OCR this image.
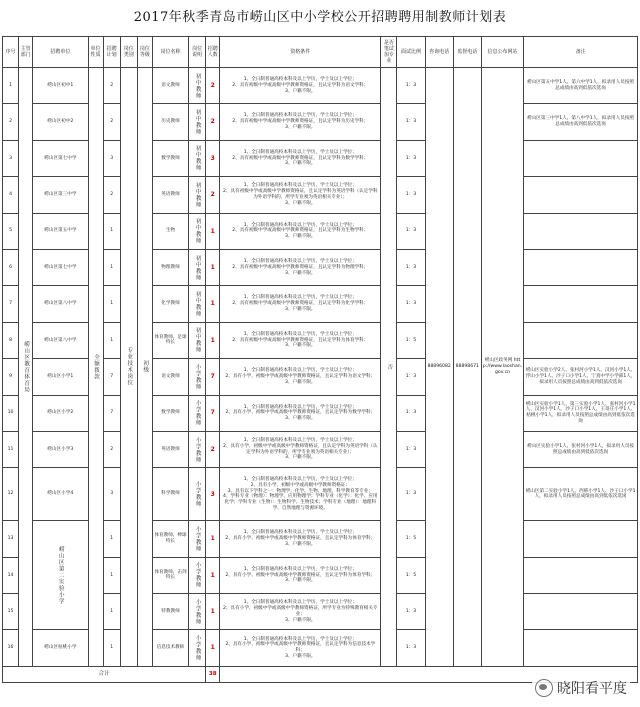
2017年秋季青岛市崂山区中小学校公开招聘聘用制教师计划表
序号	主管部门	招聘单位	单位性质	招聘计划	岗位类别	岗位等级	岗位名称	岗位说明	招聘人数	资格条件	是否笔试加专业	面试比例	咨询电话	监督电话	信息公布网站	备注
1	崂山区教育体育局	崂山区初中1	全额拨款	2	专业技术岗位	初级	语文教师	初中教师	2	1、全日制普通高校本科及以上学历，学士及以上学位；
2、具有初级中学或高级中学教师资格证，且认定学科为语文学科；
3、户籍不限。	否	1：3	88896082	88898671	崂山区政务网 http://www.laoshan.gov.cn	崂山区第五中学1人、第六中学1人，拟录用人员按照总成绩由高到低依次选岗
2		崂山区初中2		2			历史教师	初中教师	2	1、全日制普通高校本科及以上学历，学士及以上学位；
2、具有初级中学或高级中学教师资格证，且认定学科为历史学科；
3、户籍不限。		1：3				崂山区第三中学1人、第八中学1人，拟录用人员按照总成绩由高到低依次选岗
3		崂山区第七中学		3			数学教师	初中教师	3	1、全日制普通高校本科及以上学历，学士及以上学位；
2、具有初级中学或高级中学教师资格证，且认定学科为数学学科；
3、户籍不限。		1：3				
4		崂山区第三中学		2			英语教师	初中教师	2	1、全日制普通高校本科及以上学历，学士及以上学位；
2、具有初级中学或高级中学教师资格证，且认定学科为英语学科（认定学科为外语学科的，所学专业须为英语相关专业）；
3、户籍不限。		1：3				
5		崂山区第五中学		1			生物	初中教师	1	1、全日制普通高校本科及以上学历，学士及以上学位；
2、具有初级中学或高级中学教师资格证，且认定学科为生物学科；
3、户籍不限。		1：3				
6		崂山区第七中学		1			物理教师	初中教师	1	1、全日制普通高校本科及以上学历，学士及以上学位；
2、具有初级中学或高级中学教师资格证，且认定学科为物理学科；
3、户籍不限。		1：3				
7		崂山区第八中学		1			化学教师	初中教师	1	1、全日制普通高校本科及以上学历，学士及以上学位；
2、具有初级中学或高级中学教师资格证，且认定学科为化学学科；
3、户籍不限。		1：3				
8		崂山区第八中学		1			体育教师、足球特长	初中教师	1	1、全日制普通高校本科及以上学历，学士及以上学位；
2、具有初级中学或高级中学教师资格证，且认定学科为体育学科；
3、户籍不限。		1：5				
9		崂山区小学1		7			语文教师	小学教师	7	1、全日制普通高校本科及以上学历，学士及以上学位；
2、具有小学、初级中学或高级中学教师资格证，且认定学科为语文学科；
3、户籍不限。		1：3				崂山区实验小学2人、张村河小学1人、汉河小学1人、浮山小学1人、沙子口小学1人、宁真中学小学部1人，拟录用人员按照总成绩由高到低依次选岗
10		崂山区小学2		7			数学教师	小学教师	7	1、全日制普通高校本科及以上学历，学士及以上学位；
2、具有小学、初级中学或高级中学教师资格证，且认定学科为数学学科；
3、户籍不限。		1：3				崂山区实验小学1人、第三实验小学1人、张村河小学1人、汉河小学1人、沙子口小学1人、王哥庄小学1人、枯桃小学1人，拟录用人员按照总成绩由高到低依次选岗
11		崂山区小学3		2			英语教师	小学教师	2	1、全日制普通高校本科及以上学历，学士及以上学位；
2、具有小学、初级中学或高级中学教师资格证，且认定学科为英语学科（认定学科为外语学科的，所学专业须为英语相关专业）；
3、户籍不限。		1：3				崂山区实验小学1人、张村河小学1人，拟录用人员按照总成绩由高到低依次选岗
12		崂山区小学4		3			科学教师	小学教师	3	1、全日制普通高校本科及以上学历，学士及以上学位；
2、具有小学、初级中学或高级中学教师资格证；
3、具有以下学科之一：物理学、化学、生物、地理、科学教育等专业；
4、学科专业（物理）：物理学、应用物理学；学科专业（化学）：化学、应用化学；学科专业（生物）：生物科学、生物技术；学科专业（地理）：地理科学、自然地理与资源环境。		1：3				崂山区第二实验小学1人、西韩小学1人、沙子口小学1人，拟录用人员按照总成绩由高到低依次选岗
13		崂山区第二实验小学		1			体育教师、棒球特长	小学教师	1	1、全日制普通高校本科及以上学历，学士及以上学位；
2、具有小学、初级中学或高级中学教师资格证，且认定学科为体育学科；
3、户籍不限。		1：5				
14				1			体育教师、击剑特长	小学教师	1	1、全日制普通高校本科及以上学历，学士及以上学位；
2、具有小学、初级中学或高级中学教师资格证，且认定学科为体育学科；
3、户籍不限。		1：5				
15				1			特教教师	小学教师	1	1、全日制普通高校本科及以上学历，学士及以上学位；
2、具有小学、初级中学或高级中学教师资格证，所学专业为特殊教育相关专业；
3、户籍不限。		1：3				
16		崂山区枯桃小学		1			信息技术教师	小学教师	1	1、全日制普通高校本科及以上学历，学士及以上学位；
2、具有小学、初级中学或高级中学教师资格证，且认定学科为信息技术学科；
3、户籍不限。		1：3				
合计									38							
晓阳看平度
